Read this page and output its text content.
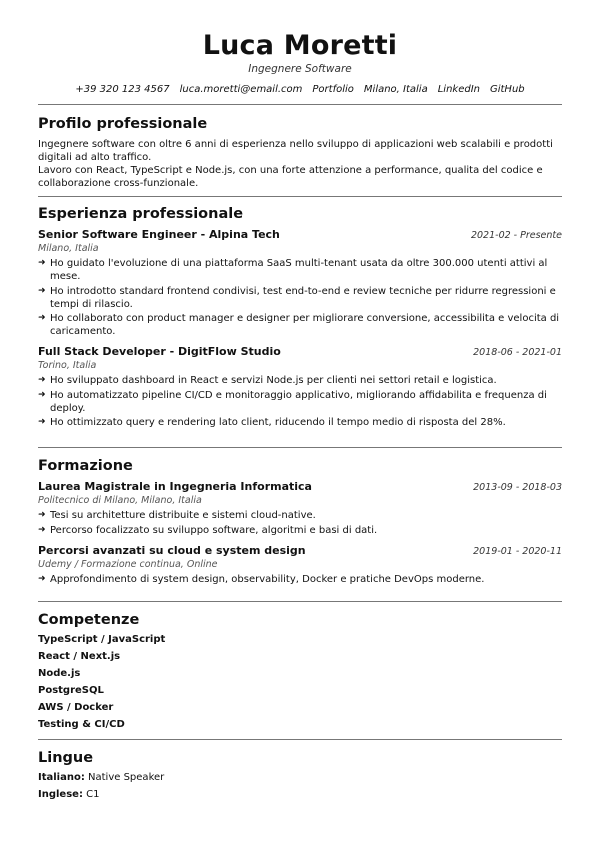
Luca Moretti
Ingegnere Software
+39 320 123 4567 luca.moretti@email.com Portfolio Milano, Italia LinkedIn GitHub
Profilo professionale

Ingegnere software con oltre 6 anni di esperienza nello sviluppo di applicazioni web scalabili e prodotti digitali ad alto traffico.

Lavoro con React, TypeScript e Node.js, con una forte attenzione a performance, qualita del codice e collaborazione cross-funzionale.

Esperienza professionale
Senior Software Engineer - Alpina Tech	2021-02 - Presente
Milano, Italia
➜ Ho guidato l'evoluzione di una piattaforma SaaS multi-tenant usata da oltre 300.000 utenti attivi al mese.
➜ Ho introdotto standard frontend condivisi, test end-to-end e review tecniche per ridurre regressioni e tempi di rilascio.
➜ Ho collaborato con product manager e designer per migliorare conversione, accessibilita e velocita di caricamento.
Full Stack Developer - DigitFlow Studio	2018-06 - 2021-01
Torino, Italia
➜ Ho sviluppato dashboard in React e servizi Node.js per clienti nei settori retail e logistica.
➜ Ho automatizzato pipeline CI/CD e monitoraggio applicativo, migliorando affidabilita e frequenza di deploy.
➜ Ho ottimizzato query e rendering lato client, riducendo il tempo medio di risposta del 28%.
Formazione
Laurea Magistrale in Ingegneria Informatica	2013-09 - 2018-03
Politecnico di Milano, Milano, Italia
➜ Tesi su architetture distribuite e sistemi cloud-native.
➜ Percorso focalizzato su sviluppo software, algoritmi e basi di dati.
Percorsi avanzati su cloud e system design	2019-01 - 2020-11
Udemy / Formazione continua, Online
➜ Approfondimento di system design, observability, Docker e pratiche DevOps moderne.
Competenze
TypeScript / JavaScript
React / Next.js
Node.js
PostgreSQL
AWS / Docker
Testing & CI/CD
Lingue
Italiano: Native Speaker
Inglese: C1
